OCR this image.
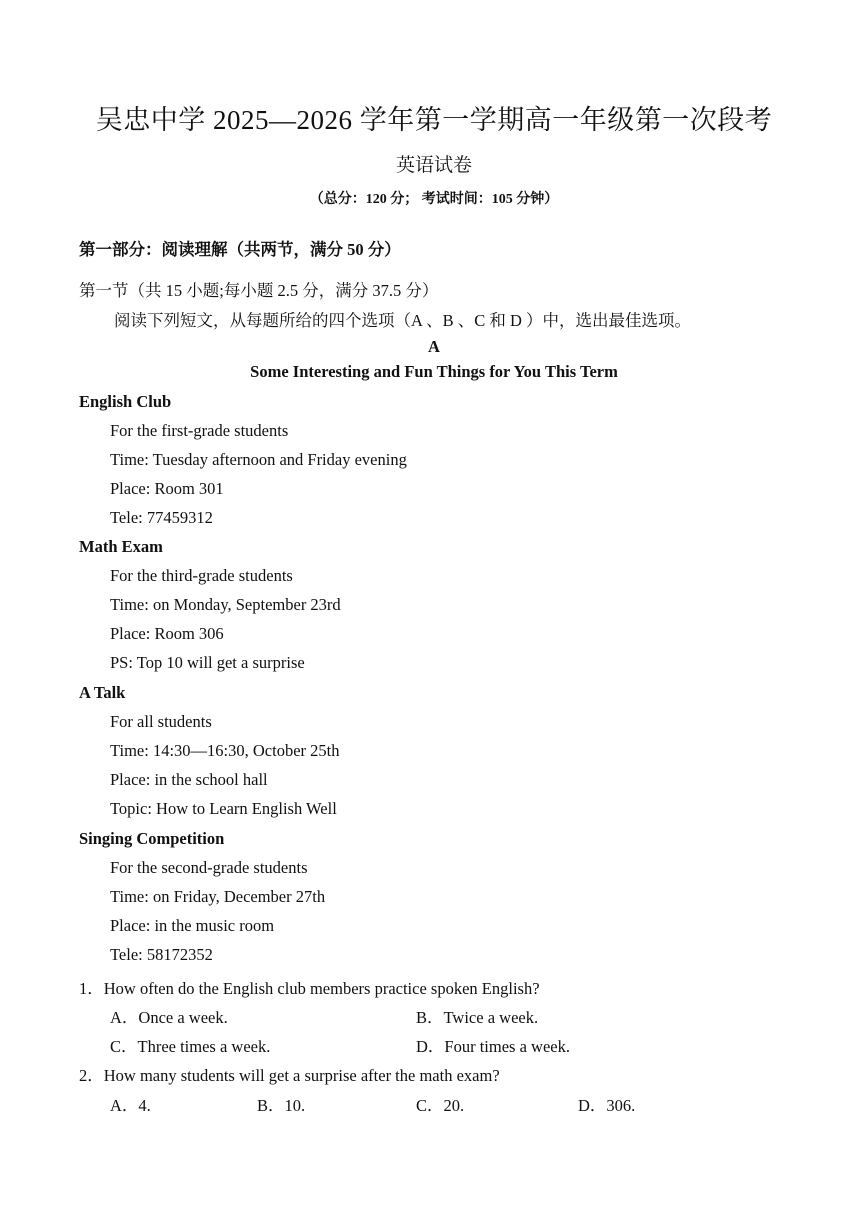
吴忠中学 2025—2026 学年第一学期高一年级第一次段考
英语试卷
（总分：120 分； 考试时间：105 分钟）
第一部分：阅读理解（共两节，满分 50 分）
第一节（共 15 小题;每小题 2.5 分，满分 37.5 分）
阅读下列短文，从每题所给的四个选项（A 、B 、C 和 D ）中，选出最佳选项。
A
Some Interesting and Fun Things for You This Term
English Club
For the first-grade students
Time: Tuesday afternoon and Friday evening
Place: Room 301
Tele: 77459312
Math Exam
For the third-grade students
Time: on Monday, September 23rd
Place: Room 306
PS: Top 10 will get a surprise
A Talk
For all students
Time: 14:30—16:30, October 25th
Place: in the school hall
Topic: How to Learn English Well
Singing Competition
For the second-grade students
Time: on Friday, December 27th
Place: in the music room
Tele: 58172352
1．How often do the English club members practice spoken English?
A．Once a week.	B．Twice a week.
C．Three times a week.	D．Four times a week.
2．How many students will get a surprise after the math exam?
A．4.	B．10.	C．20.	D．306.
